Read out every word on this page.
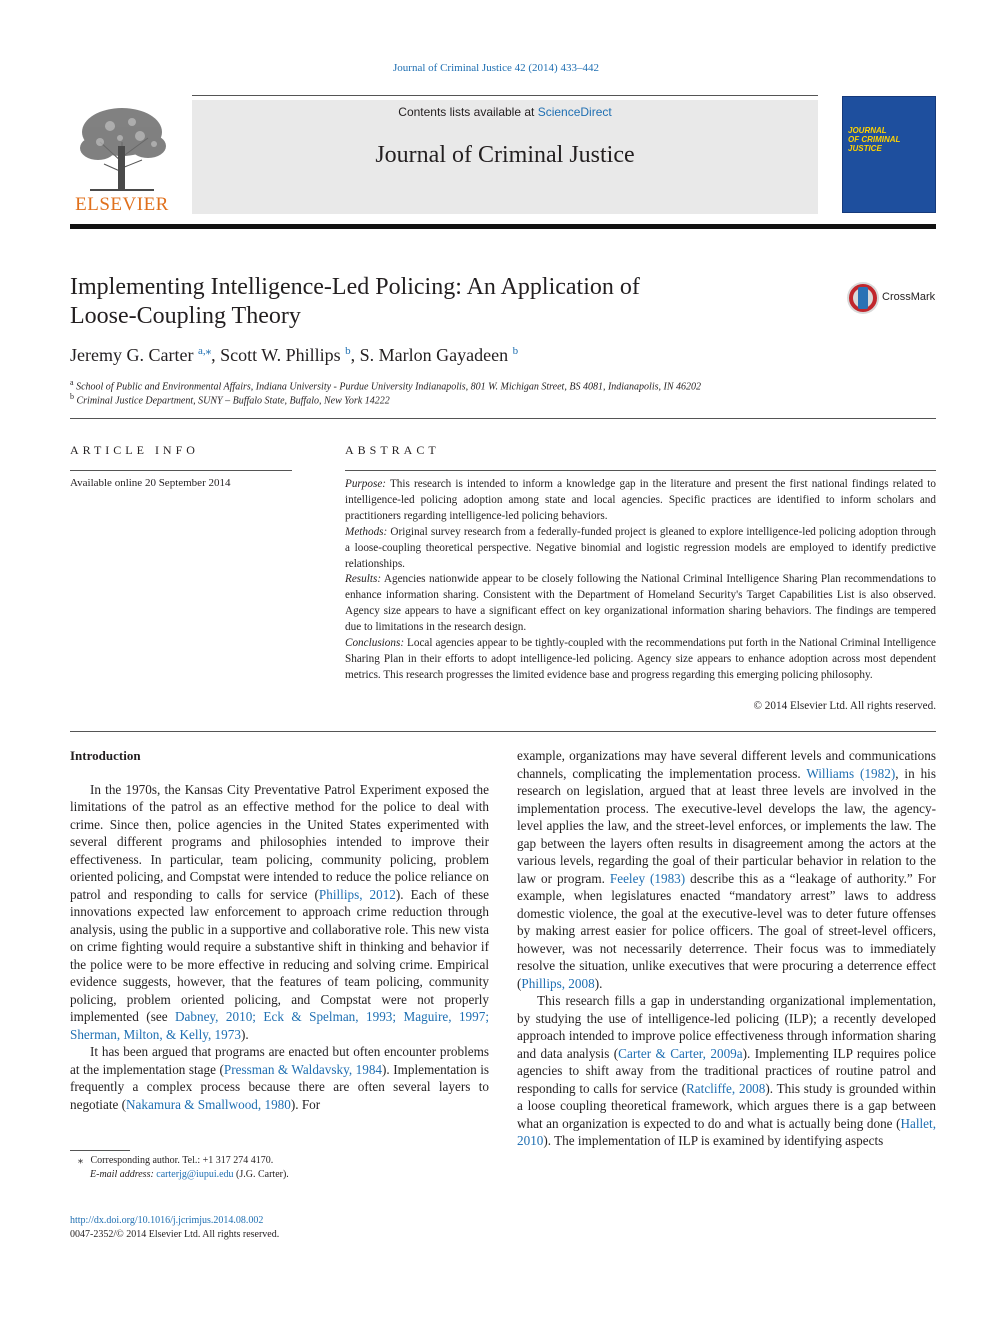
Journal of Criminal Justice 42 (2014) 433–442
Contents lists available at ScienceDirect
Journal of Criminal Justice
ELSEVIER
JOURNAL
OF CRIMINAL
JUSTICE
Implementing Intelligence-Led Policing: An Application of
Loose-Coupling Theory
CrossMark
Jeremy G. Carter $^{a,⁎}$, Scott W. Phillips $^b$, S. Marlon Gayadeen $^b$
$^a$ School of Public and Environmental Affairs, Indiana University - Purdue University Indianapolis, 801 W. Michigan Street, BS 4081, Indianapolis, IN 46202
$^b$ Criminal Justice Department, SUNY – Buffalo State, Buffalo, New York 14222
ARTICLE INFO	ABSTRACT
Available online 20 September 2014	Purpose: This research is intended to inform a knowledge gap in the literature and present the first national findings related to intelligence-led policing adoption among state and local agencies. Specific practices are identified to inform scholars and practitioners regarding intelligence-led policing behaviors.

Methods: Original survey research from a federally-funded project is gleaned to explore intelligence-led policing adoption through a loose-coupling theoretical perspective. Negative binomial and logistic regression models are employed to identify predictive relationships.

Results: Agencies nationwide appear to be closely following the National Criminal Intelligence Sharing Plan recommendations to enhance information sharing. Consistent with the Department of Homeland Security's Target Capabilities List is also observed. Agency size appears to have a significant effect on key organizational information sharing behaviors. The findings are tempered due to limitations in the research design.

Conclusions: Local agencies appear to be tightly-coupled with the recommendations put forth in the National Criminal Intelligence Sharing Plan in their efforts to adopt intelligence-led policing. Agency size appears to enhance adoption across most dependent metrics. This research progresses the limited evidence base and progress regarding this emerging policing philosophy.

© 2014 Elsevier Ltd. All rights reserved.

Introduction

In the 1970s, the Kansas City Preventative Patrol Experiment exposed the limitations of the patrol as an effective method for the police to deal with crime. Since then, police agencies in the United States experimented with several different programs and philosophies intended to improve their effectiveness. In particular, team policing, community policing, problem oriented policing, and Compstat were intended to reduce the police reliance on patrol and responding to calls for service (Phillips, 2012). Each of these innovations expected law enforcement to approach crime reduction through analysis, using the public in a supportive and collaborative role. This new vista on crime fighting would require a substantive shift in thinking and behavior if the police were to be more effective in reducing and solving crime. Empirical evidence suggests, however, that the features of team policing, community policing, problem oriented policing, and Compstat were not properly implemented (see Dabney, 2010; Eck & Spelman, 1993; Maguire, 1997; Sherman, Milton, & Kelly, 1973).

It has been argued that programs are enacted but often encounter problems at the implementation stage (Pressman & Waldavsky, 1984). Implementation is frequently a complex process because there are often several layers to negotiate (Nakamura & Smallwood, 1980). For

example, organizations may have several different levels and communications channels, complicating the implementation process. Williams (1982), in his research on legislation, argued that at least three levels are involved in the implementation process. The executive-level develops the law, the agency-level applies the law, and the street-level enforces, or implements the law. The gap between the layers often results in disagreement among the actors at the various levels, regarding the goal of their particular behavior in relation to the law or program. Feeley (1983) describe this as a “leakage of authority.” For example, when legislatures enacted “mandatory arrest” laws to address domestic violence, the goal at the executive-level was to deter future offenses by making arrest easier for police officers. The goal of street-level officers, however, was not necessarily deterrence. Their focus was to immediately resolve the situation, unlike executives that were procuring a deterrence effect (Phillips, 2008).

This research fills a gap in understanding organizational implementation, by studying the use of intelligence-led policing (ILP); a recently developed approach intended to improve police effectiveness through information sharing and data analysis (Carter & Carter, 2009a). Implementing ILP requires police agencies to shift away from the traditional practices of routine patrol and responding to calls for service (Ratcliffe, 2008). This study is grounded within a loose coupling theoretical framework, which argues there is a gap between what an organization is expected to do and what is actually being done (Hallet, 2010). The implementation of ILP is examined by identifying aspects

⁎ Corresponding author. Tel.: +1 317 274 4170.
E-mail address: carterjg@iupui.edu (J.G. Carter).
http://dx.doi.org/10.1016/j.jcrimjus.2014.08.002
0047-2352/© 2014 Elsevier Ltd. All rights reserved.
